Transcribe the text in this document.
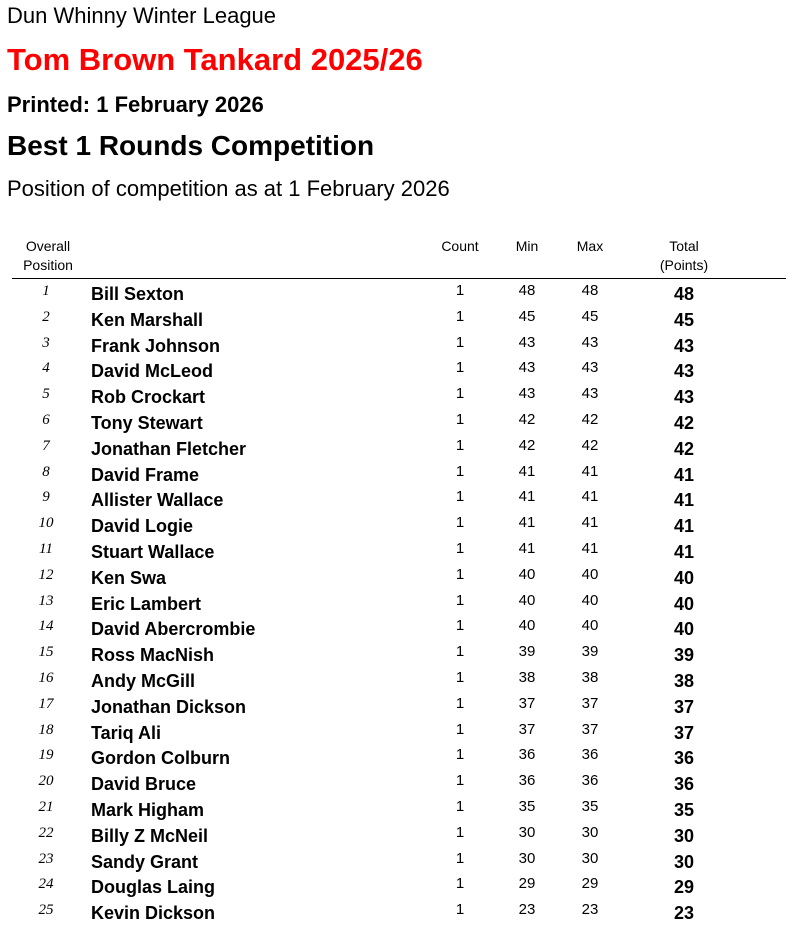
Dun Whinny Winter League
Tom Brown Tankard 2025/26
Printed: 1 February 2026
Best 1 Rounds Competition
Position of competition as at 1 February 2026
Overall
Position
Count	Min	Max	Total
(Points)
1	Bill Sexton	1	48	48	48
2	Ken Marshall	1	45	45	45
3	Frank Johnson	1	43	43	43
4	David McLeod	1	43	43	43
5	Rob Crockart	1	43	43	43
6	Tony Stewart	1	42	42	42
7	Jonathan Fletcher	1	42	42	42
8	David Frame	1	41	41	41
9	Allister Wallace	1	41	41	41
10	David Logie	1	41	41	41
11	Stuart Wallace	1	41	41	41
12	Ken Swa	1	40	40	40
13	Eric Lambert	1	40	40	40
14	David Abercrombie	1	40	40	40
15	Ross MacNish	1	39	39	39
16	Andy McGill	1	38	38	38
17	Jonathan Dickson	1	37	37	37
18	Tariq Ali	1	37	37	37
19	Gordon Colburn	1	36	36	36
20	David Bruce	1	36	36	36
21	Mark Higham	1	35	35	35
22	Billy Z McNeil	1	30	30	30
23	Sandy Grant	1	30	30	30
24	Douglas Laing	1	29	29	29
25	Kevin Dickson	1	23	23	23
